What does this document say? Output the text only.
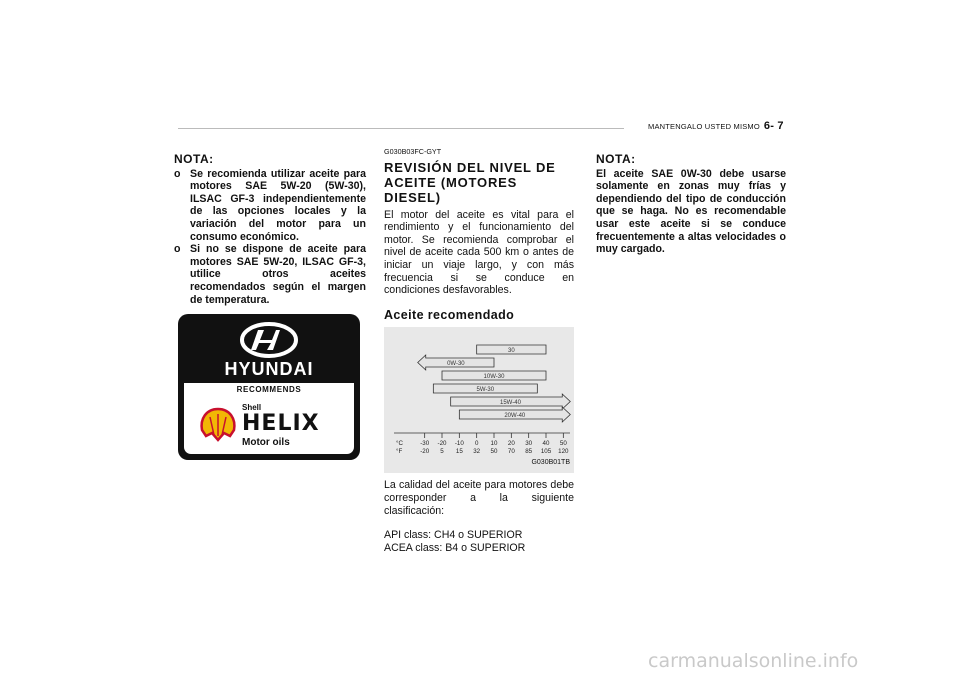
MANTENGALO USTED MISMO 6- 7
NOTA:
o Se recomienda utilizar aceite para motores SAE 5W-20 (5W-30), ILSAC GF-3 independientemente de las opciones locales y la variación del motor para un consumo económico.
o Si no se dispone de aceite para motores SAE 5W-20, ILSAC GF-3, utilice otros aceites recomendados según el margen de temperatura.
HYUNDAI
RECOMMENDS
Shell
HELIX
Motor oils
G030B03FC-GYT
REVISIÓN DEL NIVEL DE ACEITE (MOTORES DIESEL)

El motor del aceite es vital para el rendimiento y el funcionamiento del motor. Se recomienda comprobar el nivel de aceite cada 500 km o antes de iniciar un viaje largo, y con más frecuencia si se conduce en condiciones desfavorables.

Aceite recomendado
30
0W-30
10W-30
5W-30
15W-40
20W-40
-30
-20
-20
5
-10
15
0
32
10
50
20
70
30
85
40
105
50
120
°C
°F
G030B01TB

La calidad del aceite para motores debe corresponder a la siguiente clasificación:

API class: CH4 o SUPERIOR

ACEA class: B4 o SUPERIOR

NOTA:

El aceite SAE 0W-30 debe usarse solamente en zonas muy frías y dependiendo del tipo de conducción que se haga. No es recomendable usar este aceite si se conduce frecuentemente a altas velocidades o muy cargado.

carmanualsonline.info
